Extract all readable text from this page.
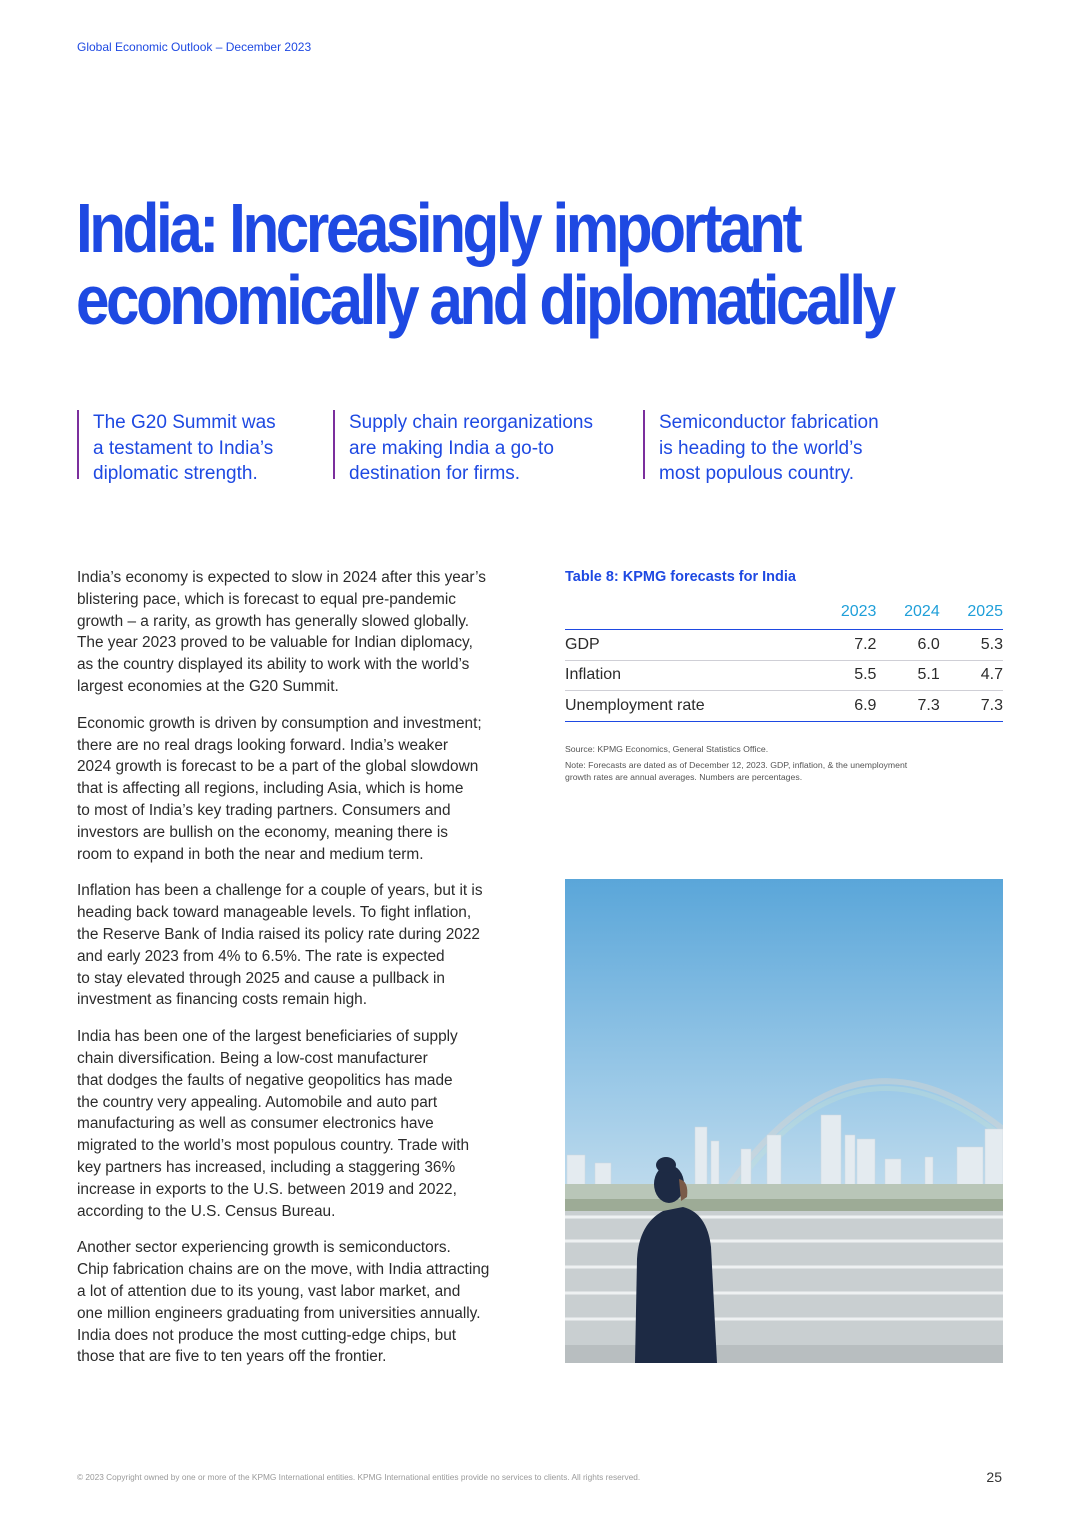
Global Economic Outlook – December 2023
India: Increasingly important
economically and diplomatically
The G20 Summit was
a testament to India’s
diplomatic strength.
Supply chain reorganizations
are making India a go-to
destination for firms.
Semiconductor fabrication
is heading to the world’s
most populous country.

India’s economy is expected to slow in 2024 after this year’s
blistering pace, which is forecast to equal pre-pandemic
growth – a rarity, as growth has generally slowed globally.
The year 2023 proved to be valuable for Indian diplomacy,
as the country displayed its ability to work with the world’s
largest economies at the G20 Summit.

Economic growth is driven by consumption and investment;
there are no real drags looking forward. India’s weaker
2024 growth is forecast to be a part of the global slowdown
that is affecting all regions, including Asia, which is home
to most of India’s key trading partners. Consumers and
investors are bullish on the economy, meaning there is
room to expand in both the near and medium term.

Inflation has been a challenge for a couple of years, but it is
heading back toward manageable levels. To fight inflation,
the Reserve Bank of India raised its policy rate during 2022
and early 2023 from 4% to 6.5%. The rate is expected
to stay elevated through 2025 and cause a pullback in
investment as financing costs remain high.

India has been one of the largest beneficiaries of supply
chain diversification. Being a low-cost manufacturer
that dodges the faults of negative geopolitics has made
the country very appealing. Automobile and auto part
manufacturing as well as consumer electronics have
migrated to the world’s most populous country. Trade with
key partners has increased, including a staggering 36%
increase in exports to the U.S. between 2019 and 2022,
according to the U.S. Census Bureau.

Another sector experiencing growth is semiconductors.
Chip fabrication chains are on the move, with India attracting
a lot of attention due to its young, vast labor market, and
one million engineers graduating from universities annually.
India does not produce the most cutting-edge chips, but
those that are five to ten years off the frontier.

Table 8: KPMG forecasts for India
	2023	2024	2025
GDP	7.2	6.0	5.3
Inflation	5.5	5.1	4.7
Unemployment rate	6.9	7.3	7.3
Source: KPMG Economics, General Statistics Office.
Note: Forecasts are dated as of December 12, 2023. GDP, inflation, & the unemployment
growth rates are annual averages. Numbers are percentages.
© 2023 Copyright owned by one or more of the KPMG International entities. KPMG International entities provide no services to clients. All rights reserved.	25
